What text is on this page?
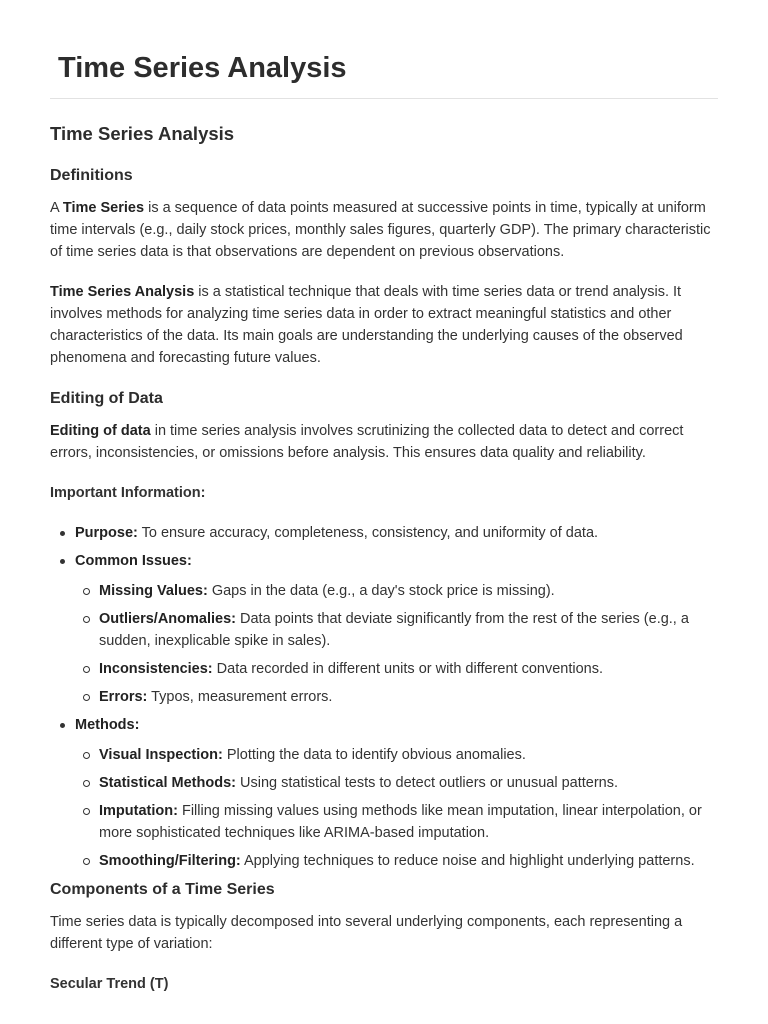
Time Series Analysis
Time Series Analysis
Definitions

A Time Series is a sequence of data points measured at successive points in time, typically at uniform time intervals (e.g., daily stock prices, monthly sales figures, quarterly GDP). The primary characteristic of time series data is that observations are dependent on previous observations.

Time Series Analysis is a statistical technique that deals with time series data or trend analysis. It involves methods for analyzing time series data in order to extract meaningful statistics and other characteristics of the data. Its main goals are understanding the underlying causes of the observed phenomena and forecasting future values.

Editing of Data

Editing of data in time series analysis involves scrutinizing the collected data to detect and correct errors, inconsistencies, or omissions before analysis. This ensures data quality and reliability.

Important Information:

Purpose: To ensure accuracy, completeness, consistency, and uniformity of data.
Common Issues:
Missing Values: Gaps in the data (e.g., a day's stock price is missing).
Outliers/Anomalies: Data points that deviate significantly from the rest of the series (e.g., a sudden, inexplicable spike in sales).
Inconsistencies: Data recorded in different units or with different conventions.
Errors: Typos, measurement errors.
Methods:
Visual Inspection: Plotting the data to identify obvious anomalies.
Statistical Methods: Using statistical tests to detect outliers or unusual patterns.
Imputation: Filling missing values using methods like mean imputation, linear interpolation, or more sophisticated techniques like ARIMA-based imputation.
Smoothing/Filtering: Applying techniques to reduce noise and highlight underlying patterns.
Components of a Time Series

Time series data is typically decomposed into several underlying components, each representing a different type of variation:

Secular Trend (T)
